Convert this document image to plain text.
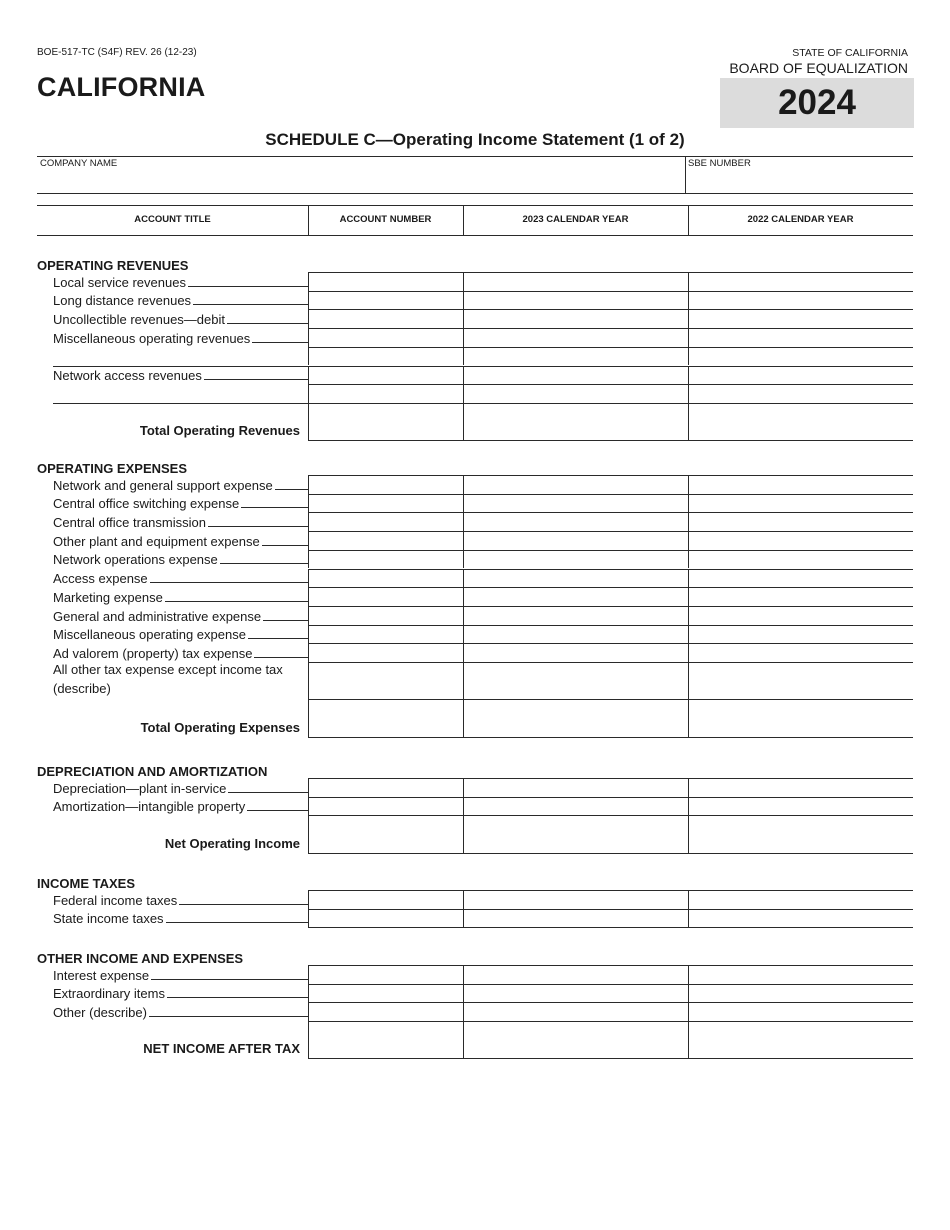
BOE-517-TC (S4F) REV. 26 (12-23)
CALIFORNIA
STATE OF CALIFORNIA
BOARD OF EQUALIZATION
2024
SCHEDULE C—Operating Income Statement (1 of 2)
COMPANY NAME	SBE NUMBER
ACCOUNT TITLE	ACCOUNT NUMBER	2023 CALENDAR YEAR	2022 CALENDAR YEAR
OPERATING REVENUES
Local service revenues
Long distance revenues
Uncollectible revenues—debit
Miscellaneous operating revenues
Network access revenues
Total Operating Revenues
OPERATING EXPENSES
Network and general support expense
Central office switching expense
Central office transmission
Other plant and equipment expense
Network operations expense
Access expense
Marketing expense
General and administrative expense
Miscellaneous operating expense
Ad valorem (property) tax expense
All other tax expense except income tax (describe)
Total Operating Expenses
DEPRECIATION AND AMORTIZATION
Depreciation—plant in-service
Amortization—intangible property
Net Operating Income
INCOME TAXES
Federal income taxes
State income taxes
OTHER INCOME AND EXPENSES
Interest expense
Extraordinary items
Other (describe)
NET INCOME AFTER TAX
